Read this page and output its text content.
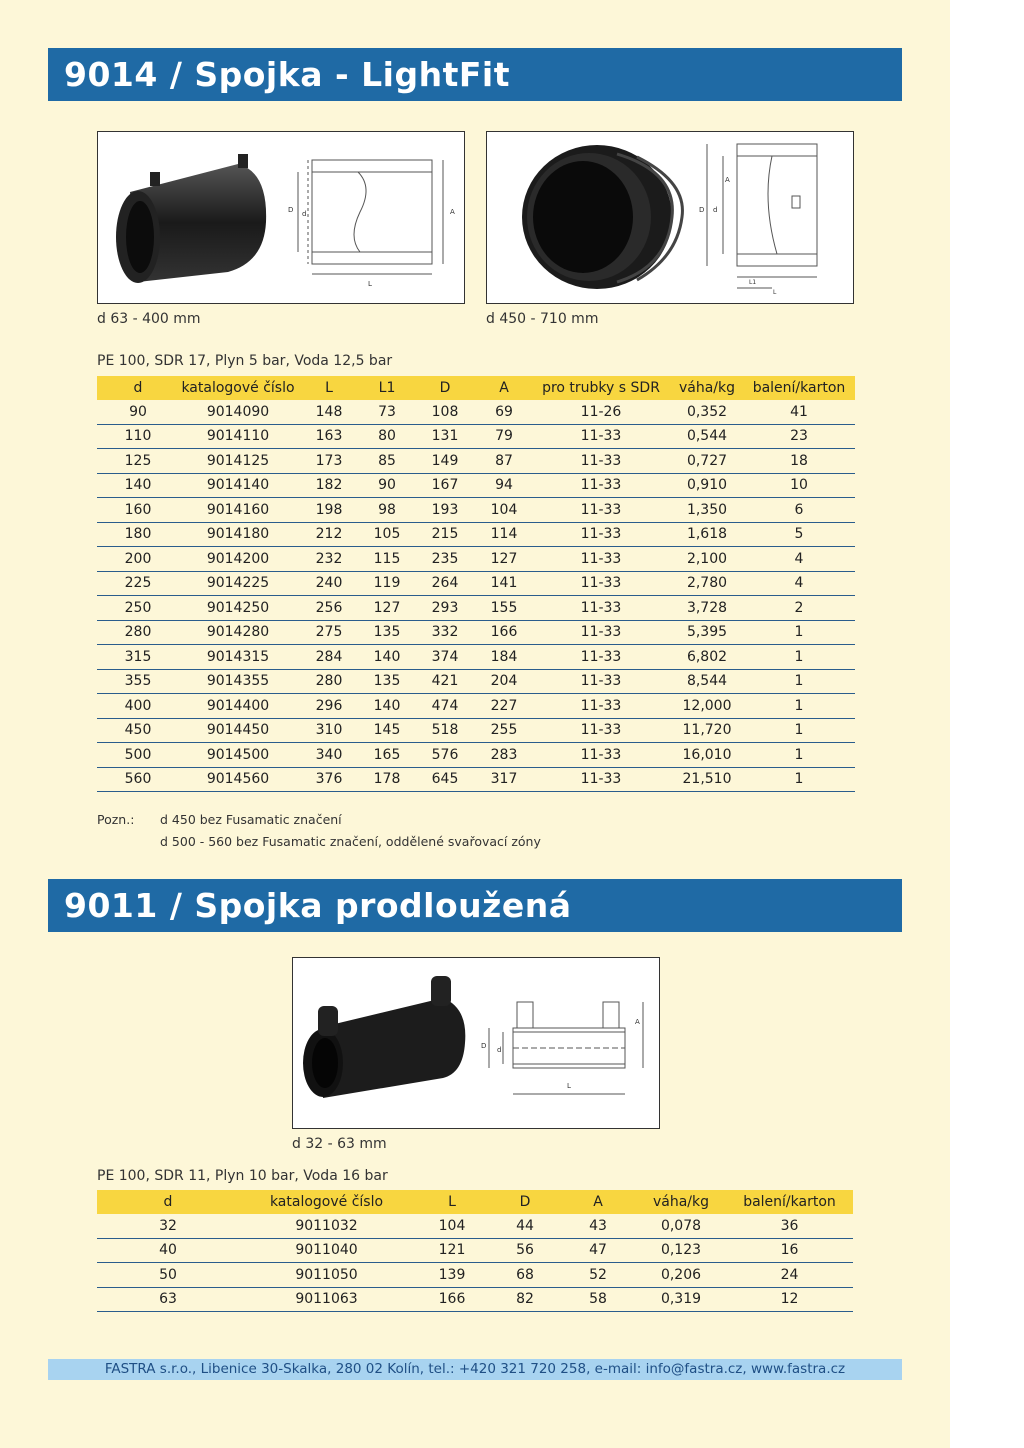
9014 / Spojka - LightFit
A
D d
L
D d
A
L1
L
d 63 - 400 mm	d 450 - 710 mm
PE 100, SDR 17, Plyn 5 bar, Voda 12,5 bar
d	katalogové číslo	L	L1	D	A	pro trubky s SDR	váha/kg	balení/karton
90	9014090	148	73	108	69	11-26	0,352	41
110	9014110	163	80	131	79	11-33	0,544	23
125	9014125	173	85	149	87	11-33	0,727	18
140	9014140	182	90	167	94	11-33	0,910	10
160	9014160	198	98	193	104	11-33	1,350	6
180	9014180	212	105	215	114	11-33	1,618	5
200	9014200	232	115	235	127	11-33	2,100	4
225	9014225	240	119	264	141	11-33	2,780	4
250	9014250	256	127	293	155	11-33	3,728	2
280	9014280	275	135	332	166	11-33	5,395	1
315	9014315	284	140	374	184	11-33	6,802	1
355	9014355	280	135	421	204	11-33	8,544	1
400	9014400	296	140	474	227	11-33	12,000	1
450	9014450	310	145	518	255	11-33	11,720	1
500	9014500	340	165	576	283	11-33	16,010	1
560	9014560	376	178	645	317	11-33	21,510	1
Pozn.: d 450 bez Fusamatic značení
d 500 - 560 bez Fusamatic značení, oddělené svařovací zóny
9011 / Spojka prodloužená
A
D d
L
d 32 - 63 mm
PE 100, SDR 11, Plyn 10 bar, Voda 16 bar
d	katalogové číslo	L	D	A	váha/kg	balení/karton
32	9011032	104	44	43	0,078	36
40	9011040	121	56	47	0,123	16
50	9011050	139	68	52	0,206	24
63	9011063	166	82	58	0,319	12
FASTRA s.r.o., Libenice 30-Skalka, 280 02 Kolín, tel.: +420 321 720 258, e-mail: info@fastra.cz, www.fastra.cz
